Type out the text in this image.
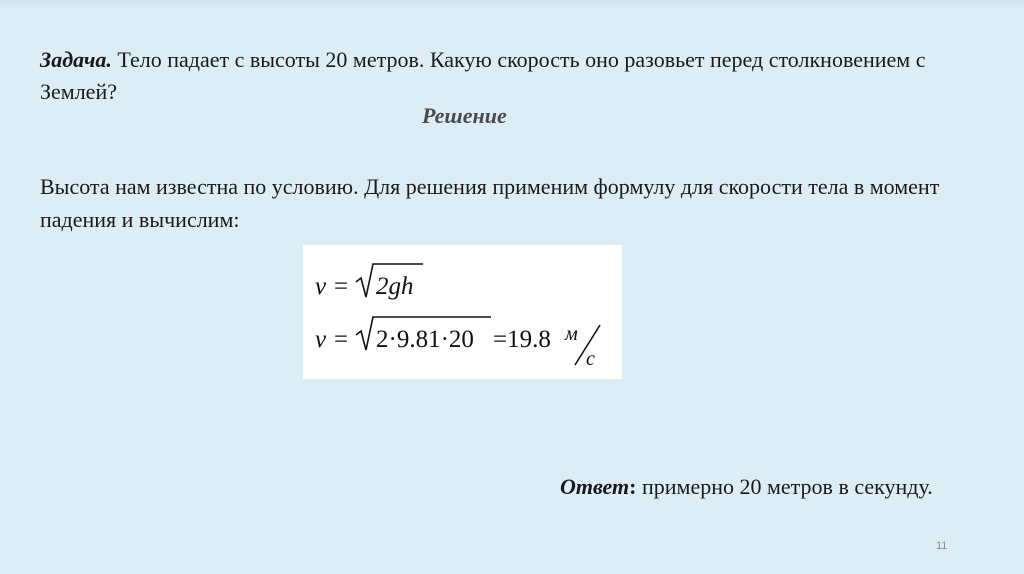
Задача. Тело падает с высоты 20 метров. Какую скорость оно разовьет перед столкновением с Землей?
Решение
Высота нам известна по условию. Для решения применим формулу для скорости тела в момент падения и вычислим:
v = 2gh
v = 2·9.81·20 =19.8 м
с
Ответ: примерно 20 метров в секунду.
11
